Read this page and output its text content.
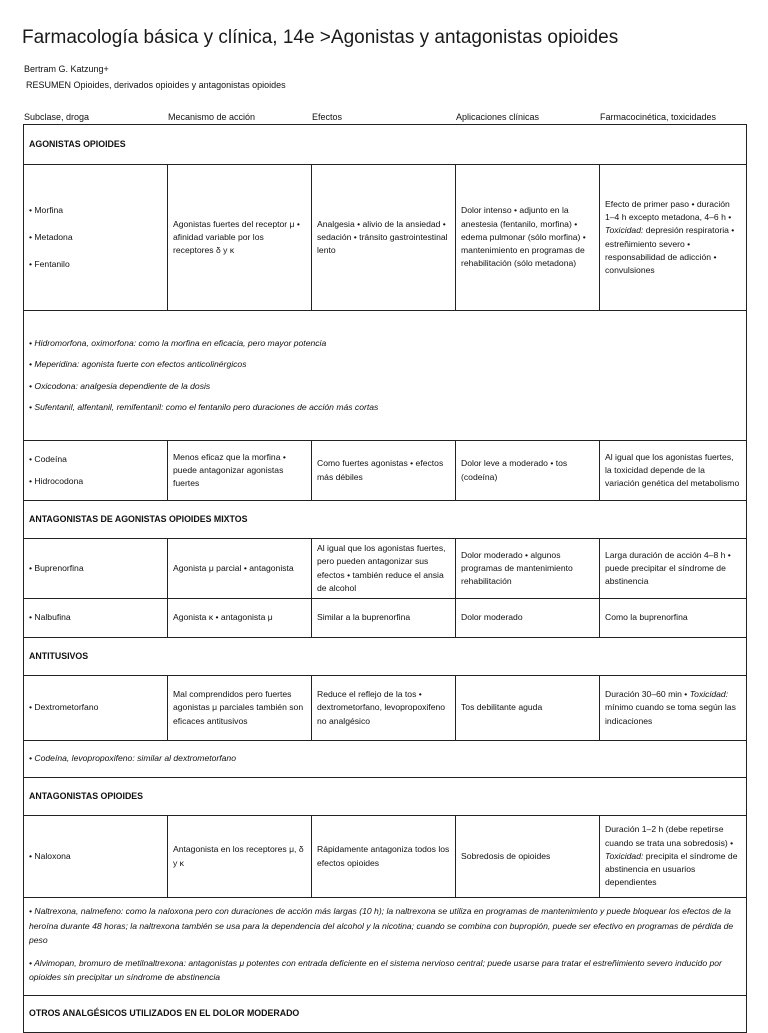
Farmacología básica y clínica, 14e >Agonistas y antagonistas opioides
Bertram G. Katzung+
RESUMEN Opioides, derivados opioides y antagonistas opioides
Subclase, droga	Mecanismo de acción	Efectos	Aplicaciones clínicas	Farmacocinética, toxicidades
AGONISTAS OPIOIDES				

• Morfina
• Metadona
• Fentanilo	Agonistas fuertes del receptor μ • afinidad variable por los receptores δ y κ	Analgesia • alivio de la ansiedad • sedación • tránsito gastrointestinal lento	Dolor intenso • adjunto en la anestesia (fentanilo, morfina) • edema pulmonar (sólo morfina) • mantenimiento en programas de rehabilitación (sólo metadona)	Efecto de primer paso • duración 1–4 h excepto metadona, 4–6 h • Toxicidad: depresión respiratoria • estreñimiento severo • responsabilidad de adicción • convulsiones

• Hidromorfona, oximorfona: como la morfina en eficacia, pero mayor potencia

• Meperidina: agonista fuerte con efectos anticolinérgicos

• Oxicodona: analgesia dependiente de la dosis

• Sufentanil, alfentanil, remifentanil: como el fentanilo pero duraciones de acción más cortas				

• Codeína
• Hidrocodona	Menos eficaz que la morfina • puede antagonizar agonistas fuertes	Como fuertes agonistas • efectos más débiles	Dolor leve a moderado • tos (codeína)	Al igual que los agonistas fuertes, la toxicidad depende de la variación genética del metabolismo
ANTAGONISTAS DE AGONISTAS OPIOIDES MIXTOS				
• Buprenorfina	Agonista μ parcial • antagonista	Al igual que los agonistas fuertes, pero pueden antagonizar sus efectos • también reduce el ansia de alcohol	Dolor moderado • algunos programas de mantenimiento rehabilitación	Larga duración de acción 4–8 h • puede precipitar el síndrome de abstinencia
• Nalbufina	Agonista κ • antagonista μ	Similar a la buprenorfina	Dolor moderado	Como la buprenorfina
ANTITUSIVOS				
• Dextrometorfano	Mal comprendidos pero fuertes agonistas μ parciales también son eficaces antitusivos	Reduce el reflejo de la tos • dextrometorfano, levopropoxifeno no analgésico	Tos debilitante aguda	Duración 30–60 min • Toxicidad: mínimo cuando se toma según las indicaciones

• Codeína, levopropoxifeno: similar al dextrometorfano				

ANTAGONISTAS OPIOIDES				
• Naloxona	Antagonista en los receptores μ, δ y κ	Rápidamente antagoniza todos los efectos opioides	Sobredosis de opioides	Duración 1–2 h (debe repetirse cuando se trata una sobredosis) • Toxicidad: precipita el síndrome de abstinencia en usuarios dependientes

• Naltrexona, nalmefeno: como la naloxona pero con duraciones de acción más largas (10 h); la naltrexona se utiliza en programas de mantenimiento y puede bloquear los efectos de la heroína durante 48 horas; la naltrexona también se usa para la dependencia del alcohol y la nicotina; cuando se combina con bupropión, puede ser efectivo en programas de pérdida de peso

• Alvimopan, bromuro de metilnaltrexona: antagonistas μ potentes con entrada deficiente en el sistema nervioso central; puede usarse para tratar el estreñimiento severo inducido por opioides sin precipitar un síndrome de abstinencia				

OTROS ANALGÉSICOS UTILIZADOS EN EL DOLOR MODERADO				
